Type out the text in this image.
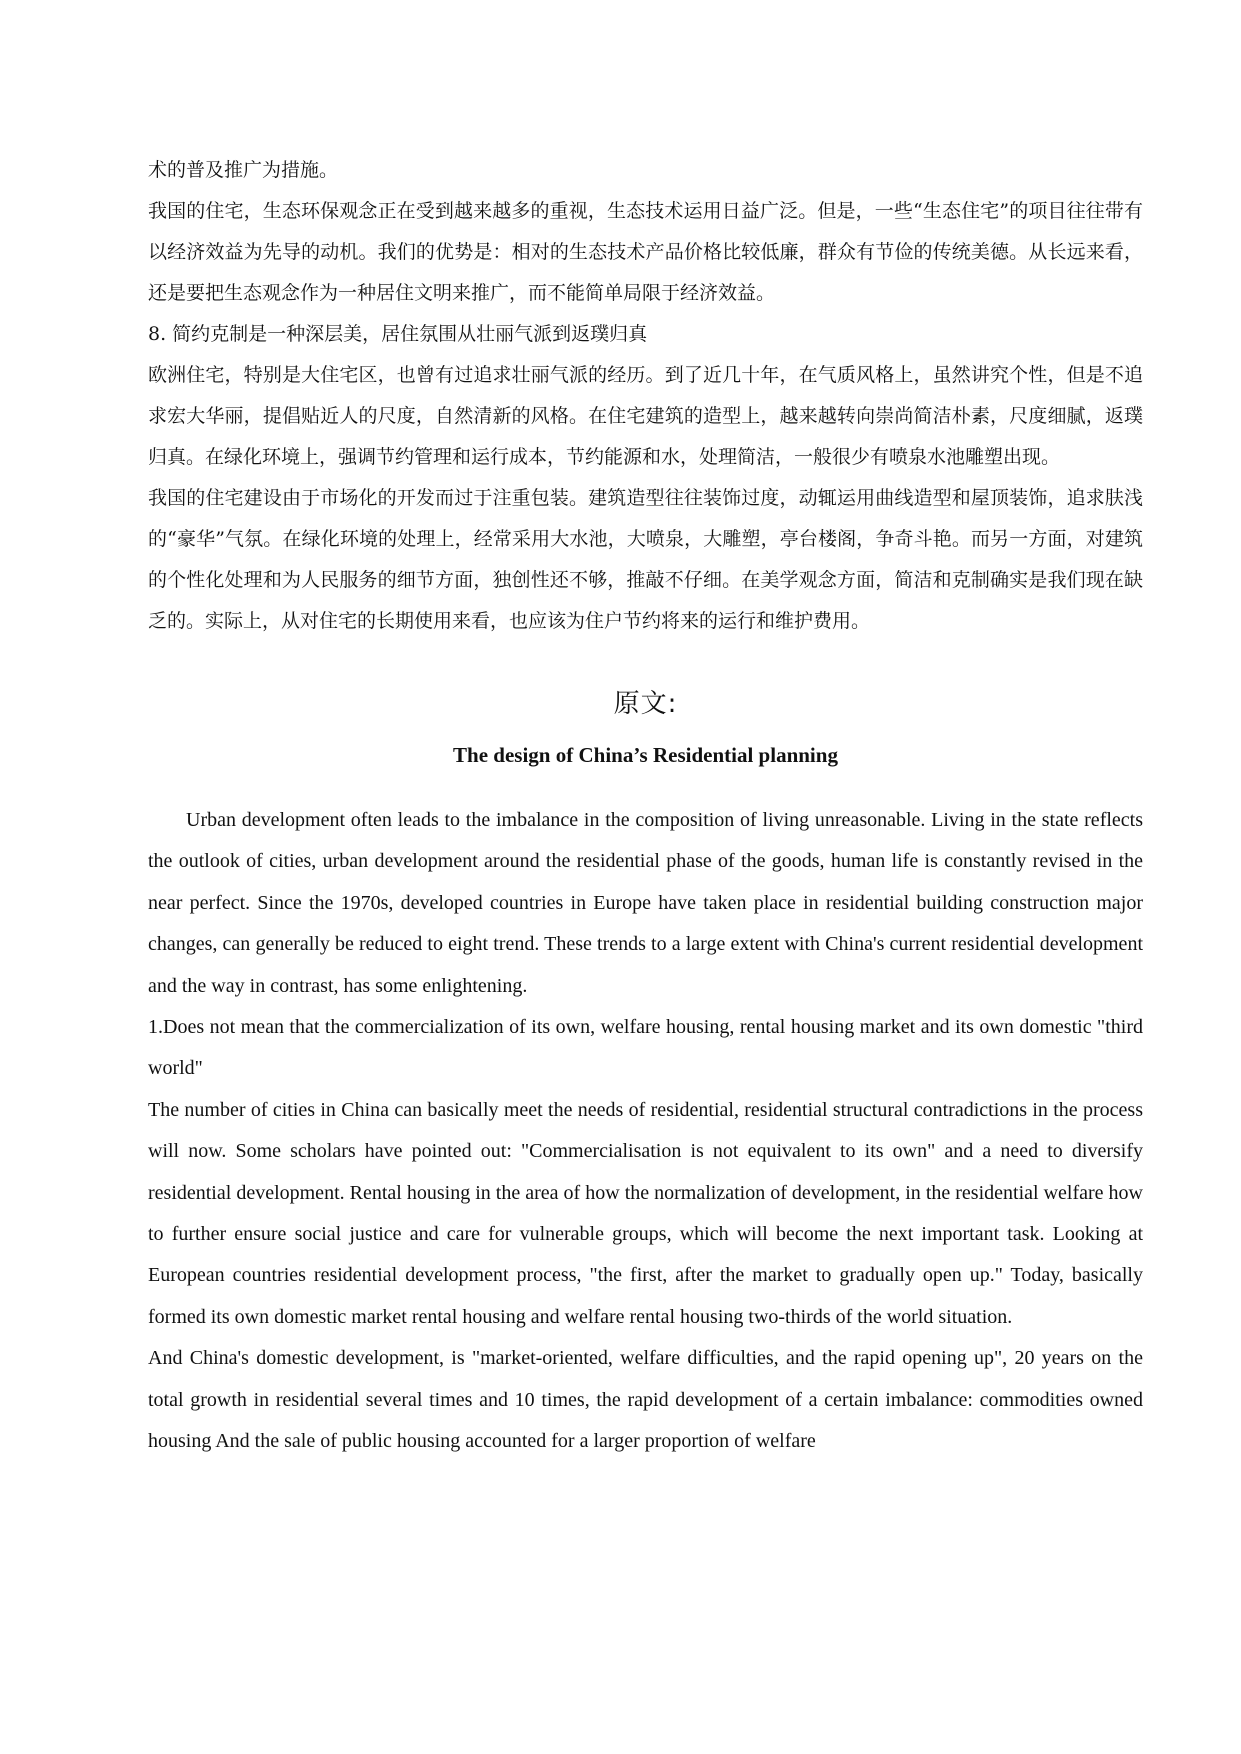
术的普及推广为措施。

我国的住宅，生态环保观念正在受到越来越多的重视，生态技术运用日益广泛。但是，一些“生态住宅”的项目往往带有以经济效益为先导的动机。我们的优势是：相对的生态技术产品价格比较低廉，群众有节俭的传统美德。从长远来看，还是要把生态观念作为一种居住文明来推广，而不能简单局限于经济效益。

8. 简约克制是一种深层美，居住氛围从壮丽气派到返璞归真

欧洲住宅，特别是大住宅区，也曾有过追求壮丽气派的经历。到了近几十年，在气质风格上，虽然讲究个性，但是不追求宏大华丽，提倡贴近人的尺度，自然清新的风格。在住宅建筑的造型上，越来越转向崇尚简洁朴素，尺度细腻，返璞归真。在绿化环境上，强调节约管理和运行成本，节约能源和水，处理简洁，一般很少有喷泉水池雕塑出现。

我国的住宅建设由于市场化的开发而过于注重包装。建筑造型往往装饰过度，动辄运用曲线造型和屋顶装饰，追求肤浅的“豪华”气氛。在绿化环境的处理上，经常采用大水池，大喷泉，大雕塑，亭台楼阁，争奇斗艳。而另一方面，对建筑的个性化处理和为人民服务的细节方面，独创性还不够，推敲不仔细。在美学观念方面，简洁和克制确实是我们现在缺乏的。实际上，从对住宅的长期使用来看，也应该为住户节约将来的运行和维护费用。

原文:
The design of China’s Residential planning

Urban development often leads to the imbalance in the composition of living unreasonable. Living in the state reflects the outlook of cities, urban development around the residential phase of the goods, human life is constantly revised in the near perfect. Since the 1970s, developed countries in Europe have taken place in residential building construction major changes, can generally be reduced to eight trend. These trends to a large extent with China's current residential development and the way in contrast, has some enlightening.

1.Does not mean that the commercialization of its own, welfare housing, rental housing market and its own domestic "third world"

The number of cities in China can basically meet the needs of residential, residential structural contradictions in the process will now. Some scholars have pointed out: "Commercialisation is not equivalent to its own" and a need to diversify residential development. Rental housing in the area of how the normalization of development, in the residential welfare how to further ensure social justice and care for vulnerable groups, which will become the next important task. Looking at European countries residential development process, "the first, after the market to gradually open up." Today, basically formed its own domestic market rental housing and welfare rental housing two-thirds of the world situation.

And China's domestic development, is "market-oriented, welfare difficulties, and the rapid opening up", 20 years on the total growth in residential several times and 10 times, the rapid development of a certain imbalance: commodities owned housing And the sale of public housing accounted for a larger proportion of welfare
